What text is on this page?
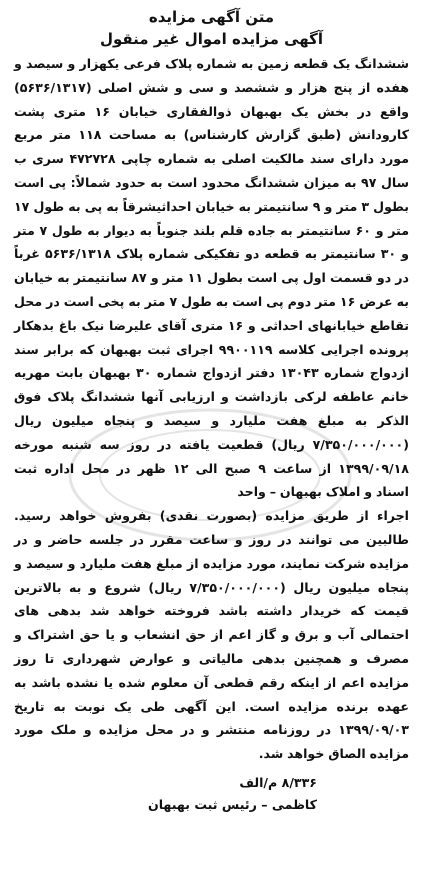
متن آگهی مزایده
آگهی مزایده اموال غیر منقول

ششدانگ یک قطعه زمین به شماره پلاک فرعی یکهزار و سیصد و هفده از پنج هزار و ششصد و سی و شش اصلی (۵۶۳۶/۱۳۱۷) واقع در بخش یک بهبهان ذوالفقاری خیابان ۱۶ متری پشت کارودانش (طبق گزارش کارشناس) به مساحت ۱۱۸ متر مربع مورد دارای سند مالکیت اصلی به شماره چاپی ۴۷۲۷۲۸ سری ب سال ۹۷ به میزان ششدانگ محدود است به حدود شمالاً: پی است بطول ۳ متر و ۹ سانتیمتر به خیابان احداثیشرقاً به پی به طول ۱۷ متر و ۶۰ سانتیمتر به جاده قلم بلند جنوباً به دیوار به طول ۷ متر و ۳۰ سانتیمتر به قطعه دو تفکیکی شماره پلاک ۵۶۳۶/۱۳۱۸ غرباً در دو قسمت اول پی است بطول ۱۱ متر و ۸۷ سانتیمتر به خیابان به عرض ۱۶ متر دوم پی است به طول ۷ متر به پخی است در محل تقاطع خیابانهای احداثی و ۱۶ متری آقای علیرضا نیک باغ بدهکار پرونده اجرایی کلاسه ۹۹۰۰۱۱۹ اجرای ثبت بهبهان که برابر سند ازدواج شماره ۱۳۰۴۳ دفتر ازدواج شماره ۳۰ بهبهان بابت مهریه خانم عاطفه لرکی بازداشت و ارزیابی آنها ششدانگ پلاک فوق الذکر به مبلغ هفت ملیارد و سیصد و پنجاه میلیون ریال (۷/۳۵۰/۰۰۰/۰۰۰ ریال) قطعیت یافته در روز سه شنبه مورخه ۱۳۹۹/۰۹/۱۸ از ساعت ۹ صبح الی ۱۲ ظهر در محل اداره ثبت اسناد و املاک بهبهان – واحد

اجراء از طریق مزایده (بصورت نقدی) بفروش خواهد رسید. طالبین می توانند در روز و ساعت مقرر در جلسه حاضر و در مزایده شرکت نمایند، مورد مزایده از مبلغ هفت ملیارد و سیصد و پنجاه میلیون ریال (۷/۳۵۰/۰۰۰/۰۰۰ ریال) شروع و به بالاترین قیمت که خریدار داشته باشد فروخته خواهد شد بدهی های احتمالی آب و برق و گاز اعم از حق انشعاب و یا حق اشتراک و مصرف و همچنین بدهی مالیاتی و عوارض شهرداری تا روز مزایده اعم از اینکه رقم قطعی آن معلوم شده یا نشده باشد به عهده برنده مزایده است. این آگهی طی یک نوبت به تاریخ ۱۳۹۹/۰۹/۰۳ در روزنامه منتشر و در محل مزایده و ملک مورد مزایده الصاق خواهد شد.

۸/۳۳۶ م/الف
کاظمی – رئیس ثبت بهبهان
